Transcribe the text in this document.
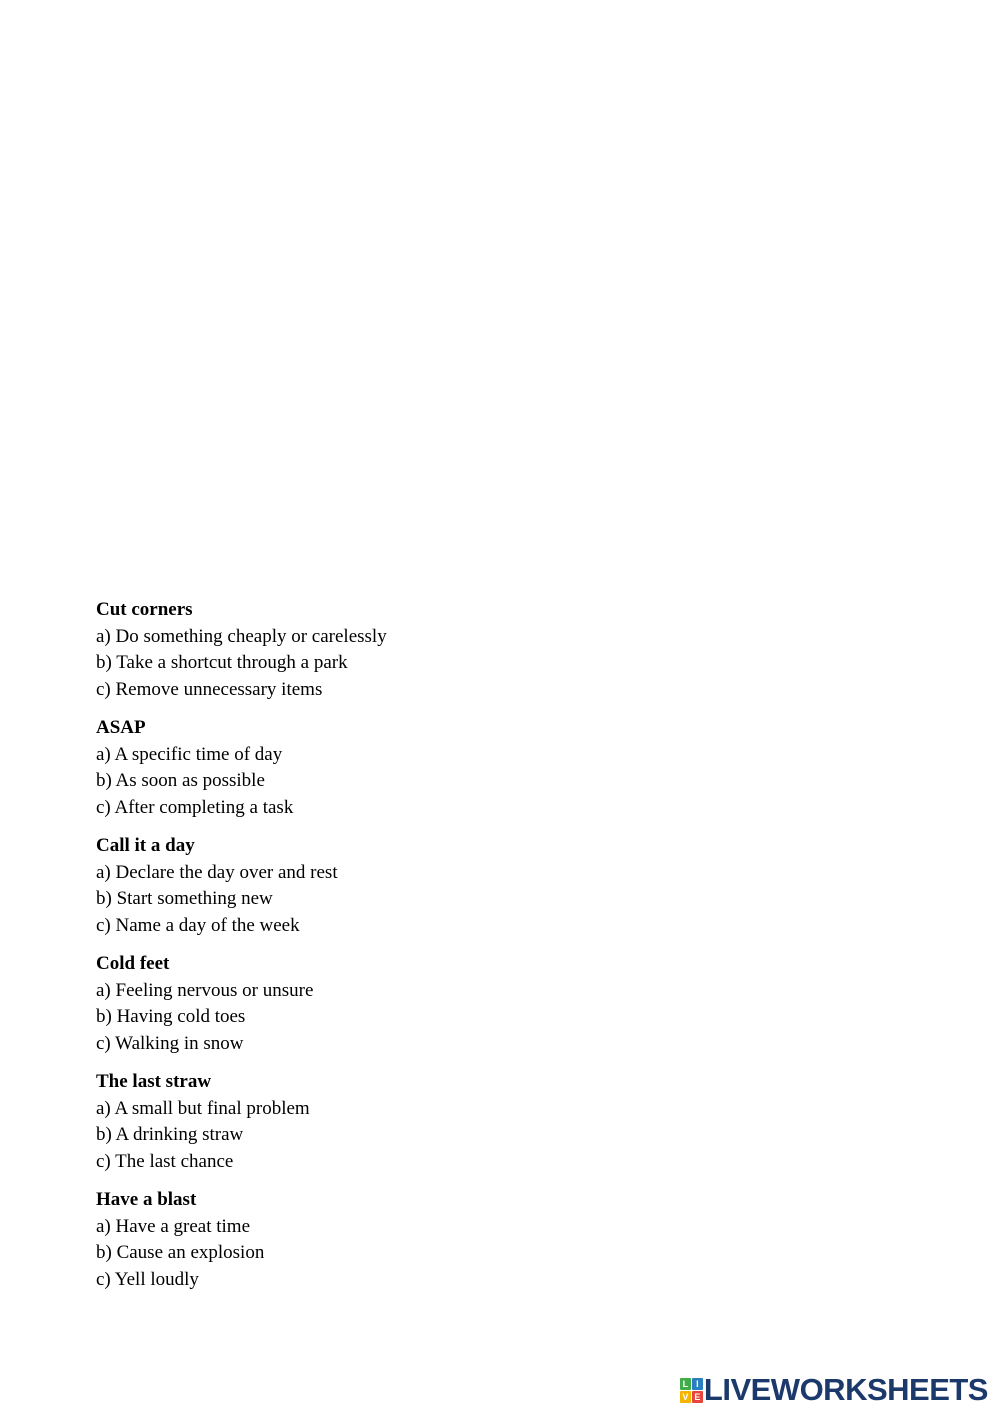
Cut corners

a) Do something cheaply or carelessly

b) Take a shortcut through a park

c) Remove unnecessary items

ASAP

a) A specific time of day

b) As soon as possible

c) After completing a task

Call it a day

a) Declare the day over and rest

b) Start something new

c) Name a day of the week

Cold feet

a) Feeling nervous or unsure

b) Having cold toes

c) Walking in snow

The last straw

a) A small but final problem

b) A drinking straw

c) The last chance

Have a blast

a) Have a great time

b) Cause an explosion

c) Yell loudly

L I
V E LIVEWORKSHEETS
